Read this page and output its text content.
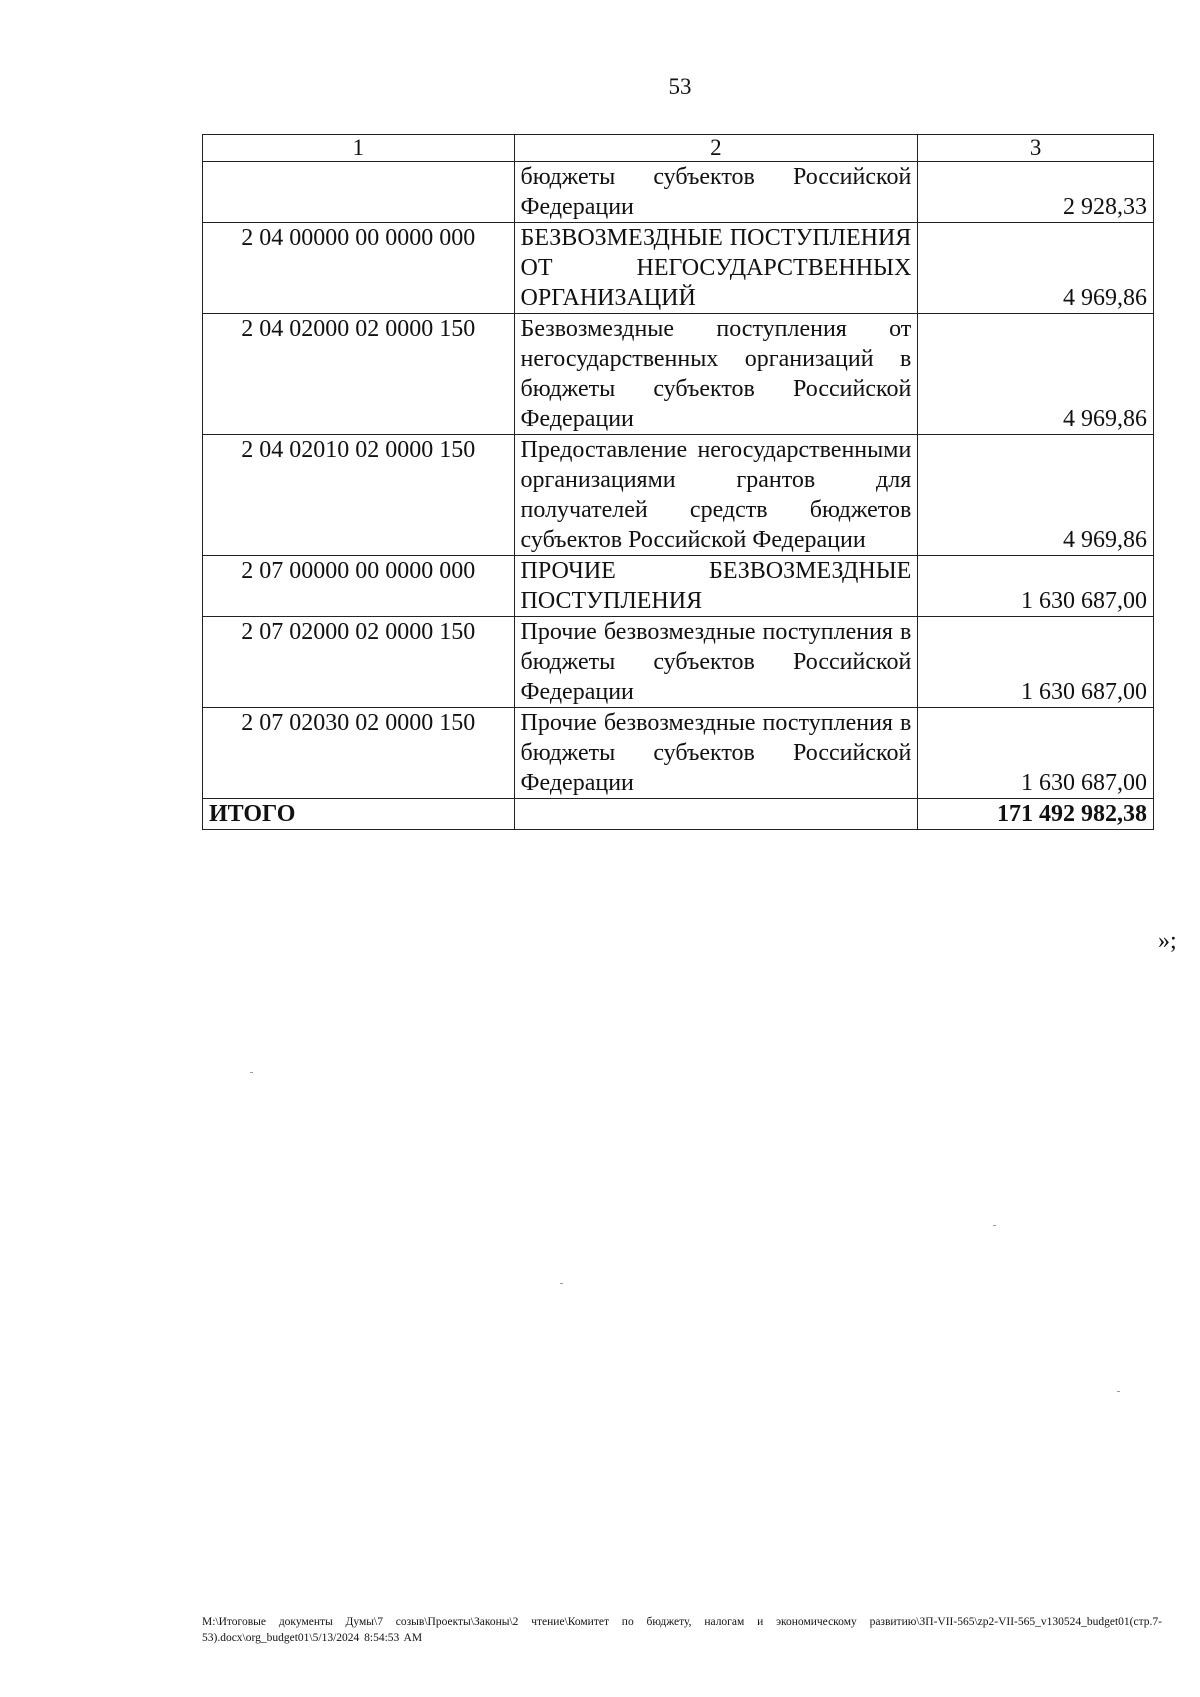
53
1	2	3
	бюджеты субъектов Российской Федерации	2 928,33
2 04 00000 00 0000 000	БЕЗВОЗМЕЗДНЫЕ ПОСТУПЛЕНИЯ ОТ НЕГОСУДАРСТВЕННЫХ ОРГАНИЗАЦИЙ	4 969,86
2 04 02000 02 0000 150	Безвозмездные поступления от негосударственных организаций в бюджеты субъектов Российской Федерации	4 969,86
2 04 02010 02 0000 150	Предоставление негосударственными организациями грантов для получателей средств бюджетов субъектов Российской Федерации	4 969,86
2 07 00000 00 0000 000	ПРОЧИЕ БЕЗВОЗМЕЗДНЫЕ ПОСТУПЛЕНИЯ	1 630 687,00
2 07 02000 02 0000 150	Прочие безвозмездные поступления в бюджеты субъектов Российской Федерации	1 630 687,00
2 07 02030 02 0000 150	Прочие безвозмездные поступления в бюджеты субъектов Российской Федерации	1 630 687,00
ИТОГО		171 492 982,38
»;
M:\Итоговые документы Думы\7 созыв\Проекты\Законы\2 чтение\Комитет по бюджету, налогам и экономическому развитию\ЗП-VII-565\zp2-VII-565_v130524_budget01(стр.7-53).docx\org_budget01\5/13/2024 8:54:53 AM
